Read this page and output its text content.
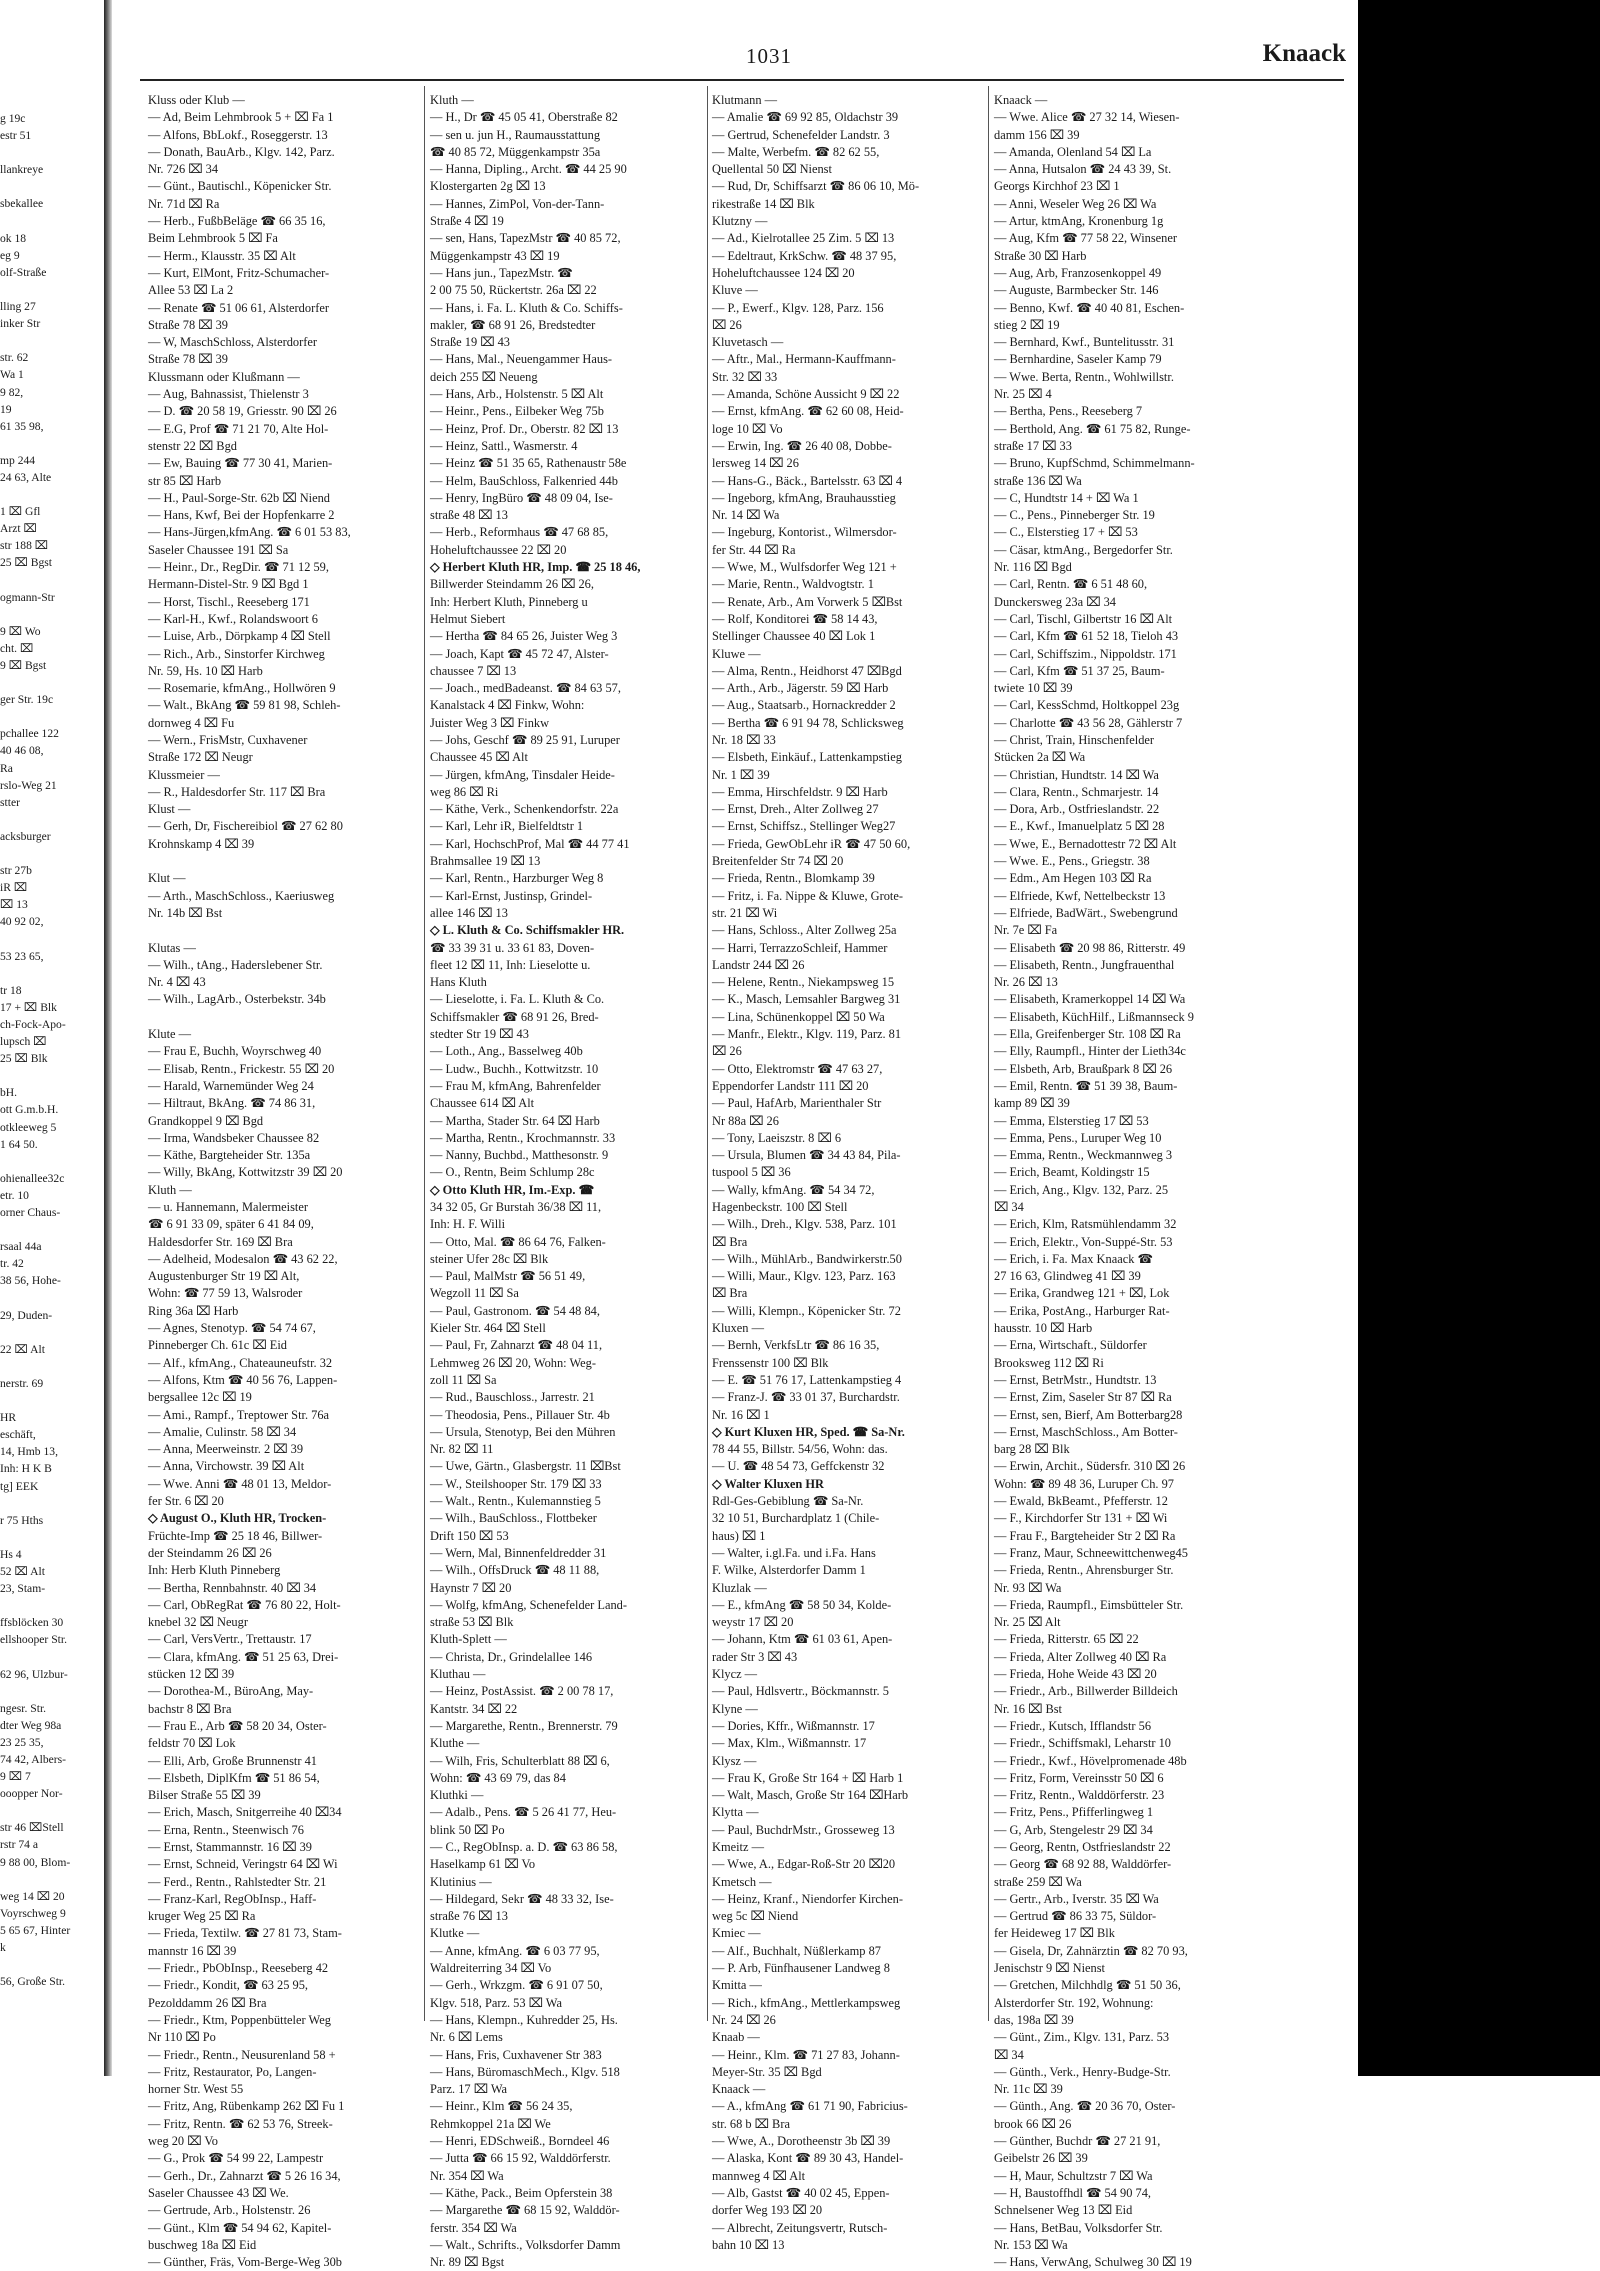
g 19c
estr 51
llankreye
sbekallee
ok 18
eg 9
olf-Straße
lling 27
inker Str
str. 62
Wa 1
9 82,
19
61 35 98,
mp 244
24 63, Alte
1 ⌧ Gfl
Arzt ⌧
str 188 ⌧
25 ⌧ Bgst
ogmann-Str
9 ⌧ Wo
cht. ⌧
9 ⌧ Bgst
ger Str. 19c
pchallee 122
40 46 08,
Ra
rslo-Weg 21
stter
acksburger
str 27b
iR ⌧
⌧ 13
40 92 02,
53 23 65,
tr 18
17 + ⌧ Blk
ch-Fock-Apo-
lupsch ⌧
25 ⌧ Blk
bH.
ott G.m.b.H.
otkleeweg 5
1 64 50.
ohienallee32c
etr. 10
orner Chaus-
rsaal 44a
tr. 42
38 56, Hohe-
29, Duden-
22 ⌧ Alt
nerstr. 69
HR
eschäft,
14, Hmb 13,
Inh: H K B
tg] EEK
r 75 Hths
Hs 4
52 ⌧ Alt
23, Stam-
ffsblöcken 30
ellshooper Str.
62 96, Ulzbur-
ngesr. Str.
dter Weg 98a
23 25 35,
74 42, Albers-
9 ⌧ 7
ooopper Nor-
str 46 ⌧Stell
rstr 74 a
9 88 00, Blom-
weg 14 ⌧ 20
Voyrschweg 9
5 65 67, Hinter
k
56, Große Str.
1031	Knaack
Kluss oder Klub —
— Ad, Beim Lehmbrook 5 + ⌧ Fa 1
— Alfons, BbLokf., Roseggerstr. 13
— Donath, BauArb., Klgv. 142, Parz.
Nr. 726 ⌧ 34
— Günt., Bautischl., Köpenicker Str.
Nr. 71d ⌧ Ra
— Herb., FußbBeläge ☎ 66 35 16,
Beim Lehmbrook 5 ⌧ Fa
— Herm., Klausstr. 35 ⌧ Alt
— Kurt, ElMont, Fritz-Schumacher-
Allee 53 ⌧ La 2
— Renate ☎ 51 06 61, Alsterdorfer
Straße 78 ⌧ 39
— W, MaschSchloss, Alsterdorfer
Straße 78 ⌧ 39
Klussmann oder Klußmann —
— Aug, Bahnassist, Thielenstr 3
— D. ☎ 20 58 19, Griesstr. 90 ⌧ 26
— E.G, Prof ☎ 71 21 70, Alte Hol-
stenstr 22 ⌧ Bgd
— Ew, Bauing ☎ 77 30 41, Marien-
str 85 ⌧ Harb
— H., Paul-Sorge-Str. 62b ⌧ Niend
— Hans, Kwf, Bei der Hopfenkarre 2
— Hans-Jürgen,kfmAng. ☎ 6 01 53 83,
Saseler Chaussee 191 ⌧ Sa
— Heinr., Dr., RegDir. ☎ 71 12 59,
Hermann-Distel-Str. 9 ⌧ Bgd 1
— Horst, Tischl., Reeseberg 171
— Karl-H., Kwf., Rolandswoort 6
— Luise, Arb., Dörpkamp 4 ⌧ Stell
— Rich., Arb., Sinstorfer Kirchweg
Nr. 59, Hs. 10 ⌧ Harb
— Rosemarie, kfmAng., Hollwören 9
— Walt., BkAng ☎ 59 81 98, Schleh-
dornweg 4 ⌧ Fu
— Wern., FrisMstr, Cuxhavener
Straße 172 ⌧ Neugr
Klussmeier —
— R., Haldesdorfer Str. 117 ⌧ Bra
Klust —
— Gerh, Dr, Fischereibiol ☎ 27 62 80
Krohnskamp 4 ⌧ 39
Klut —
— Arth., MaschSchloss., Kaeriusweg
Nr. 14b ⌧ Bst
Klutas —
— Wilh., tAng., Haderslebener Str.
Nr. 4 ⌧ 43
— Wilh., LagArb., Osterbekstr. 34b
Klute —
— Frau E, Buchh, Woyrschweg 40
— Elisab, Rentn., Frickestr. 55 ⌧ 20
— Harald, Warnemünder Weg 24
— Hiltraut, BkAng. ☎ 74 86 31,
Grandkoppel 9 ⌧ Bgd
— Irma, Wandsbeker Chaussee 82
— Käthe, Bargteheider Str. 135a
— Willy, BkAng, Kottwitzstr 39 ⌧ 20
Kluth —
— u. Hannemann, Malermeister
☎ 6 91 33 09, später 6 41 84 09,
Haldesdorfer Str. 169 ⌧ Bra
— Adelheid, Modesalon ☎ 43 62 22,
Augustenburger Str 19 ⌧ Alt,
Wohn: ☎ 77 59 13, Walsroder
Ring 36a ⌧ Harb
— Agnes, Stenotyp. ☎ 54 74 67,
Pinneberger Ch. 61c ⌧ Eid
— Alf., kfmAng., Chateauneufstr. 32
— Alfons, Ktm ☎ 40 56 76, Lappen-
bergsallee 12c ⌧ 19
— Ami., Rampf., Treptower Str. 76a
— Amalie, Culinstr. 58 ⌧ 34
— Anna, Meerweinstr. 2 ⌧ 39
— Anna, Virchowstr. 39 ⌧ Alt
— Wwe. Anni ☎ 48 01 13, Meldor-
fer Str. 6 ⌧ 20
◇ August O., Kluth HR, Trocken-
Früchte-Imp ☎ 25 18 46, Billwer-
der Steindamm 26 ⌧ 26
Inh: Herb Kluth Pinneberg
— Bertha, Rennbahnstr. 40 ⌧ 34
— Carl, ObRegRat ☎ 76 80 22, Holt-
knebel 32 ⌧ Neugr
— Carl, VersVertr., Trettaustr. 17
— Clara, kfmAng. ☎ 51 25 63, Drei-
stücken 12 ⌧ 39
— Dorothea-M., BüroAng, May-
bachstr 8 ⌧ Bra
— Frau E., Arb ☎ 58 20 34, Oster-
feldstr 70 ⌧ Lok
— Elli, Arb, Große Brunnenstr 41
— Elsbeth, DiplKfm ☎ 51 86 54,
Bilser Straße 55 ⌧ 39
— Erich, Masch, Snitgerreihe 40 ⌧34
— Erna, Rentn., Steenwisch 76
— Ernst, Stammannstr. 16 ⌧ 39
— Ernst, Schneid, Veringstr 64 ⌧ Wi
— Ferd., Rentn., Rahlstedter Str. 21
— Franz-Karl, RegObInsp., Haff-
kruger Weg 25 ⌧ Ra
— Frieda, Textilw. ☎ 27 81 73, Stam-
mannstr 16 ⌧ 39
— Friedr., PbObInsp., Reeseberg 42
— Friedr., Kondit, ☎ 63 25 95,
Pezolddamm 26 ⌧ Bra
— Friedr., Ktm, Poppenbütteler Weg
Nr 110 ⌧ Po
— Friedr., Rentn., Neusurenland 58 +
— Fritz, Restaurator, Po, Langen-
horner Str. West 55
— Fritz, Ang, Rübenkamp 262 ⌧ Fu 1
— Fritz, Rentn. ☎ 62 53 76, Streek-
weg 20 ⌧ Vo
— G., Prok ☎ 54 99 22, Lampestr
— Gerh., Dr., Zahnarzt ☎ 5 26 16 34,
Saseler Chaussee 43 ⌧ We.
— Gertrude, Arb., Holstenstr. 26
— Günt., Klm ☎ 54 94 62, Kapitel-
buschweg 18a ⌧ Eid
— Günther, Fräs, Vom-Berge-Weg 30b
Kluth —
— H., Dr ☎ 45 05 41, Oberstraße 82
— sen u. jun H., Raumausstattung
☎ 40 85 72, Müggenkampstr 35a
— Hanna, Dipling., Archt. ☎ 44 25 90
Klostergarten 2g ⌧ 13
— Hannes, ZimPol, Von-der-Tann-
Straße 4 ⌧ 19
— sen, Hans, TapezMstr ☎ 40 85 72,
Müggenkampstr 43 ⌧ 19
— Hans jun., TapezMstr. ☎
2 00 75 50, Rückertstr. 26a ⌧ 22
— Hans, i. Fa. L. Kluth & Co. Schiffs-
makler, ☎ 68 91 26, Bredstedter
Straße 19 ⌧ 43
— Hans, Mal., Neuengammer Haus-
deich 255 ⌧ Neueng
— Hans, Arb., Holstenstr. 5 ⌧ Alt
— Heinr., Pens., Eilbeker Weg 75b
— Heinz, Prof. Dr., Oberstr. 82 ⌧ 13
— Heinz, Sattl., Wasmerstr. 4
— Heinz ☎ 51 35 65, Rathenaustr 58e
— Helm, BauSchloss, Falkenried 44b
— Henry, IngBüro ☎ 48 09 04, Ise-
straße 48 ⌧ 13
— Herb., Reformhaus ☎ 47 68 85,
Hoheluftchaussee 22 ⌧ 20
◇ Herbert Kluth HR, Imp. ☎ 25 18 46,
Billwerder Steindamm 26 ⌧ 26,
Inh: Herbert Kluth, Pinneberg u
Helmut Siebert
— Hertha ☎ 84 65 26, Juister Weg 3
— Joach, Kapt ☎ 45 72 47, Alster-
chaussee 7 ⌧ 13
— Joach., medBadeanst. ☎ 84 63 57,
Kanalstack 4 ⌧ Finkw, Wohn:
Juister Weg 3 ⌧ Finkw
— Johs, Geschf ☎ 89 25 91, Luruper
Chaussee 45 ⌧ Alt
— Jürgen, kfmAng, Tinsdaler Heide-
weg 86 ⌧ Ri
— Käthe, Verk., Schenkendorfstr. 22a
— Karl, Lehr iR, Bielfeldtstr 1
— Karl, HochschProf, Mal ☎ 44 77 41
Brahmsallee 19 ⌧ 13
— Karl, Rentn., Harzburger Weg 8
— Karl-Ernst, Justinsp, Grindel-
allee 146 ⌧ 13
◇ L. Kluth & Co. Schiffsmakler HR.
☎ 33 39 31 u. 33 61 83, Doven-
fleet 12 ⌧ 11, Inh: Lieselotte u.
Hans Kluth
— Lieselotte, i. Fa. L. Kluth & Co.
Schiffsmakler ☎ 68 91 26, Bred-
stedter Str 19 ⌧ 43
— Loth., Ang., Basselweg 40b
— Ludw., Buchh., Kottwitzstr. 10
— Frau M, kfmAng, Bahrenfelder
Chaussee 614 ⌧ Alt
— Martha, Stader Str. 64 ⌧ Harb
— Martha, Rentn., Krochmannstr. 33
— Nanny, Buchbd., Matthesonstr. 9
— O., Rentn, Beim Schlump 28c
◇ Otto Kluth HR, Im.-Exp. ☎
34 32 05, Gr Burstah 36/38 ⌧ 11,
Inh: H. F. Willi
— Otto, Mal. ☎ 86 64 76, Falken-
steiner Ufer 28c ⌧ Blk
— Paul, MalMstr ☎ 56 51 49,
Wegzoll 11 ⌧ Sa
— Paul, Gastronom. ☎ 54 48 84,
Kieler Str. 464 ⌧ Stell
— Paul, Fr, Zahnarzt ☎ 48 04 11,
Lehmweg 26 ⌧ 20, Wohn: Weg-
zoll 11 ⌧ Sa
— Rud., Bauschloss., Jarrestr. 21
— Theodosia, Pens., Pillauer Str. 4b
— Ursula, Stenotyp, Bei den Mühren
Nr. 82 ⌧ 11
— Uwe, Gärtn., Glasbergstr. 11 ⌧Bst
— W., Steilshooper Str. 179 ⌧ 33
— Walt., Rentn., Kulemannstieg 5
— Wilh., BauSchloss., Flottbeker
Drift 150 ⌧ 53
— Wern, Mal, Binnenfeldredder 31
— Wilh., OffsDruck ☎ 48 11 88,
Haynstr 7 ⌧ 20
— Wolfg, kfmAng, Schenefelder Land-
straße 53 ⌧ Blk
Kluth-Splett —
— Christa, Dr., Grindelallee 146
Kluthau —
— Heinz, PostAssist. ☎ 2 00 78 17,
Kantstr. 34 ⌧ 22
— Margarethe, Rentn., Brennerstr. 79
Kluthe —
— Wilh, Fris, Schulterblatt 88 ⌧ 6,
Wohn: ☎ 43 69 79, das 84
Kluthki —
— Adalb., Pens. ☎ 5 26 41 77, Heu-
blink 50 ⌧ Po
— C., RegObInsp. a. D. ☎ 63 86 58,
Haselkamp 61 ⌧ Vo
Klutinius —
— Hildegard, Sekr ☎ 48 33 32, Ise-
straße 76 ⌧ 13
Klutke —
— Anne, kfmAng. ☎ 6 03 77 95,
Waldreiterring 34 ⌧ Vo
— Gerh., Wrkzgm. ☎ 6 91 07 50,
Klgv. 518, Parz. 53 ⌧ Wa
— Hans, Klempn., Kuhredder 25, Hs.
Nr. 6 ⌧ Lems
— Hans, Fris, Cuxhavener Str 383
— Hans, BüromaschMech., Klgv. 518
Parz. 17 ⌧ Wa
— Heinr., Klm ☎ 56 24 35,
Rehmkoppel 21a ⌧ We
— Henri, EDSchweiß., Borndeel 46
— Jutta ☎ 66 15 92, Walddörferstr.
Nr. 354 ⌧ Wa
— Käthe, Pack., Beim Opferstein 38
— Margarethe ☎ 68 15 92, Walddör-
ferstr. 354 ⌧ Wa
— Walt., Schrifts., Volksdorfer Damm
Nr. 89 ⌧ Bgst
Klutmann —
— Amalie ☎ 69 92 85, Oldachstr 39
— Gertrud, Schenefelder Landstr. 3
— Malte, Werbefm. ☎ 82 62 55,
Quellental 50 ⌧ Nienst
— Rud, Dr, Schiffsarzt ☎ 86 06 10, Mö-
rikestraße 14 ⌧ Blk
Klutzny —
— Ad., Kielrotallee 25 Zim. 5 ⌧ 13
— Edeltraut, KrkSchw. ☎ 48 37 95,
Hoheluftchaussee 124 ⌧ 20
Kluve —
— P., Ewerf., Klgv. 128, Parz. 156
⌧ 26
Kluvetasch —
— Aftr., Mal., Hermann-Kauffmann-
Str. 32 ⌧ 33
— Amanda, Schöne Aussicht 9 ⌧ 22
— Ernst, kfmAng. ☎ 62 60 08, Heid-
loge 10 ⌧ Vo
— Erwin, Ing. ☎ 26 40 08, Dobbe-
lersweg 14 ⌧ 26
— Hans-G., Bäck., Bartelsstr. 63 ⌧ 4
— Ingeborg, kfmAng, Brauhausstieg
Nr. 14 ⌧ Wa
— Ingeburg, Kontorist., Wilmersdor-
fer Str. 44 ⌧ Ra
— Wwe, M., Wulfsdorfer Weg 121 +
— Marie, Rentn., Waldvogtstr. 1
— Renate, Arb., Am Vorwerk 5 ⌧Bst
— Rolf, Konditorei ☎ 58 14 43,
Stellinger Chaussee 40 ⌧ Lok 1
Kluwe —
— Alma, Rentn., Heidhorst 47 ⌧Bgd
— Arth., Arb., Jägerstr. 59 ⌧ Harb
— Aug., Staatsarb., Hornackredder 2
— Bertha ☎ 6 91 94 78, Schlicksweg
Nr. 18 ⌧ 33
— Elsbeth, Einkäuf., Lattenkampstieg
Nr. 1 ⌧ 39
— Emma, Hirschfeldstr. 9 ⌧ Harb
— Ernst, Dreh., Alter Zollweg 27
— Ernst, Schiffsz., Stellinger Weg27
— Frieda, GewObLehr iR ☎ 47 50 60,
Breitenfelder Str 74 ⌧ 20
— Frieda, Rentn., Blomkamp 39
— Fritz, i. Fa. Nippe & Kluwe, Grote-
str. 21 ⌧ Wi
— Hans, Schloss., Alter Zollweg 25a
— Harri, TerrazzoSchleif, Hammer
Landstr 244 ⌧ 26
— Helene, Rentn., Niekampsweg 15
— K., Masch, Lemsahler Bargweg 31
— Lina, Schünenkoppel ⌧ 50 Wa
— Manfr., Elektr., Klgv. 119, Parz. 81
⌧ 26
— Otto, Elektromstr ☎ 47 63 27,
Eppendorfer Landstr 111 ⌧ 20
— Paul, HafArb, Marienthaler Str
Nr 88a ⌧ 26
— Tony, Laeiszstr. 8 ⌧ 6
— Ursula, Blumen ☎ 34 43 84, Pila-
tuspool 5 ⌧ 36
— Wally, kfmAng. ☎ 54 34 72,
Hagenbeckstr. 100 ⌧ Stell
— Wilh., Dreh., Klgv. 538, Parz. 101
⌧ Bra
— Wilh., MühlArb., Bandwirkerstr.50
— Willi, Maur., Klgv. 123, Parz. 163
⌧ Bra
— Willi, Klempn., Köpenicker Str. 72
Kluxen —
— Bernh, VerkfsLtr ☎ 86 16 35,
Frenssenstr 100 ⌧ Blk
— E. ☎ 51 76 17, Lattenkampstieg 4
— Franz-J. ☎ 33 01 37, Burchardstr.
Nr. 16 ⌧ 1
◇ Kurt Kluxen HR, Sped. ☎ Sa-Nr.
78 44 55, Billstr. 54/56, Wohn: das.
— U. ☎ 48 54 73, Geffckenstr 32
◇ Walter Kluxen HR
Rdl-Ges-Gebiblung ☎ Sa-Nr.
32 10 51, Burchardplatz 1 (Chile-
haus) ⌧ 1
— Walter, i.gl.Fa. und i.Fa. Hans
F. Wilke, Alsterdorfer Damm 1
Kluzlak —
— E., kfmAng ☎ 58 50 34, Kolde-
weystr 17 ⌧ 20
— Johann, Ktm ☎ 61 03 61, Apen-
rader Str 3 ⌧ 43
Klycz —
— Paul, Hdlsvertr., Böckmannstr. 5
Klyne —
— Dories, Kffr., Wißmannstr. 17
— Max, Klm., Wißmannstr. 17
Klysz —
— Frau K, Große Str 164 + ⌧ Harb 1
— Walt, Masch, Große Str 164 ⌧Harb
Klytta —
— Paul, BuchdrMstr., Grosseweg 13
Kmeitz —
— Wwe, A., Edgar-Roß-Str 20 ⌧20
Kmetsch —
— Heinz, Kranf., Niendorfer Kirchen-
weg 5c ⌧ Niend
Kmiec —
— Alf., Buchhalt, Nüßlerkamp 87
— P. Arb, Fünfhausener Landweg 8
Kmitta —
— Rich., kfmAng., Mettlerkampsweg
Nr. 24 ⌧ 26
Knaab —
— Heinr., Klm. ☎ 71 27 83, Johann-
Meyer-Str. 35 ⌧ Bgd
Knaack —
— A., kfmAng ☎ 61 71 90, Fabricius-
str. 68 b ⌧ Bra
— Wwe, A., Dorotheenstr 3b ⌧ 39
— Alaska, Kont ☎ 89 30 43, Handel-
mannweg 4 ⌧ Alt
— Alb, Gastst ☎ 40 02 45, Eppen-
dorfer Weg 193 ⌧ 20
— Albrecht, Zeitungsvertr, Rutsch-
bahn 10 ⌧ 13
Knaack —
— Wwe. Alice ☎ 27 32 14, Wiesen-
damm 156 ⌧ 39
— Amanda, Olenland 54 ⌧ La
— Anna, Hutsalon ☎ 24 43 39, St.
Georgs Kirchhof 23 ⌧ 1
— Anni, Weseler Weg 26 ⌧ Wa
— Artur, ktmAng, Kronenburg 1g
— Aug, Kfm ☎ 77 58 22, Winsener
Straße 30 ⌧ Harb
— Aug, Arb, Franzosenkoppel 49
— Auguste, Barmbecker Str. 146
— Benno, Kwf. ☎ 40 40 81, Eschen-
stieg 2 ⌧ 19
— Bernhard, Kwf., Buntelitusstr. 31
— Bernhardine, Saseler Kamp 79
— Wwe. Berta, Rentn., Wohlwillstr.
Nr. 25 ⌧ 4
— Bertha, Pens., Reeseberg 7
— Berthold, Ang. ☎ 61 75 82, Runge-
straße 17 ⌧ 33
— Bruno, KupfSchmd, Schimmelmann-
straße 136 ⌧ Wa
— C, Hundtstr 14 + ⌧ Wa 1
— C., Pens., Pinneberger Str. 19
— C., Elsterstieg 17 + ⌧ 53
— Cäsar, ktmAng., Bergedorfer Str.
Nr. 116 ⌧ Bgd
— Carl, Rentn. ☎ 6 51 48 60,
Dunckersweg 23a ⌧ 34
— Carl, Tischl, Gilbertstr 16 ⌧ Alt
— Carl, Kfm ☎ 61 52 18, Tieloh 43
— Carl, Schiffszim., Nippoldstr. 171
— Carl, Kfm ☎ 51 37 25, Baum-
twiete 10 ⌧ 39
— Carl, KessSchmd, Holtkoppel 23g
— Charlotte ☎ 43 56 28, Gählerstr 7
— Christ, Train, Hinschenfelder
Stücken 2a ⌧ Wa
— Christian, Hundtstr. 14 ⌧ Wa
— Clara, Rentn., Schmarjestr. 14
— Dora, Arb., Ostfrieslandstr. 22
— E., Kwf., Imanuelplatz 5 ⌧ 28
— Wwe, E., Bernadottestr 72 ⌧ Alt
— Wwe. E., Pens., Griegstr. 38
— Edm., Am Hegen 103 ⌧ Ra
— Elfriede, Kwf, Nettelbeckstr 13
— Elfriede, BadWärt., Swebengrund
Nr. 7e ⌧ Fa
— Elisabeth ☎ 20 98 86, Ritterstr. 49
— Elisabeth, Rentn., Jungfrauenthal
Nr. 26 ⌧ 13
— Elisabeth, Kramerkoppel 14 ⌧ Wa
— Elisabeth, KüchHilf., Lißmannseck 9
— Ella, Greifenberger Str. 108 ⌧ Ra
— Elly, Raumpfl., Hinter der Lieth34c
— Elsbeth, Arb, Braußpark 8 ⌧ 26
— Emil, Rentn. ☎ 51 39 38, Baum-
kamp 89 ⌧ 39
— Emma, Elsterstieg 17 ⌧ 53
— Emma, Pens., Luruper Weg 10
— Emma, Rentn., Weckmannweg 3
— Erich, Beamt, Koldingstr 15
— Erich, Ang., Klgv. 132, Parz. 25
⌧ 34
— Erich, Klm, Ratsmühlendamm 32
— Erich, Elektr., Von-Suppé-Str. 53
— Erich, i. Fa. Max Knaack ☎
27 16 63, Glindweg 41 ⌧ 39
— Erika, Grandweg 121 + ⌧, Lok
— Erika, PostAng., Harburger Rat-
hausstr. 10 ⌧ Harb
— Erna, Wirtschaft., Süldorfer
Brooksweg 112 ⌧ Ri
— Ernst, BetrMstr., Hundtstr. 13
— Ernst, Zim, Saseler Str 87 ⌧ Ra
— Ernst, sen, Bierf, Am Botterbarg28
— Ernst, MaschSchloss., Am Botter-
barg 28 ⌧ Blk
— Erwin, Archit., Südersfr. 310 ⌧ 26
Wohn: ☎ 89 48 36, Luruper Ch. 97
— Ewald, BkBeamt., Pfefferstr. 12
— F., Kirchdorfer Str 131 + ⌧ Wi
— Frau F., Bargteheider Str 2 ⌧ Ra
— Franz, Maur, Schneewittchenweg45
— Frieda, Rentn., Ahrensburger Str.
Nr. 93 ⌧ Wa
— Frieda, Raumpfl., Eimsbütteler Str.
Nr. 25 ⌧ Alt
— Frieda, Ritterstr. 65 ⌧ 22
— Frieda, Alter Zollweg 40 ⌧ Ra
— Frieda, Hohe Weide 43 ⌧ 20
— Friedr., Arb., Billwerder Billdeich
Nr. 16 ⌧ Bst
— Friedr., Kutsch, Ifflandstr 56
— Friedr., Schiffsmakl, Leharstr 10
— Friedr., Kwf., Hövelpromenade 48b
— Fritz, Form, Vereinsstr 50 ⌧ 6
— Fritz, Rentn., Walddörferstr. 23
— Fritz, Pens., Pfifferlingweg 1
— G, Arb, Stengelestr 29 ⌧ 34
— Georg, Rentn, Ostfrieslandstr 22
— Georg ☎ 68 92 88, Walddörfer-
straße 259 ⌧ Wa
— Gertr., Arb., Iverstr. 35 ⌧ Wa
— Gertrud ☎ 86 33 75, Süldor-
fer Heideweg 17 ⌧ Blk
— Gisela, Dr, Zahnärztin ☎ 82 70 93,
Jenischstr 9 ⌧ Nienst
— Gretchen, Milchhdlg ☎ 51 50 36,
Alsterdorfer Str. 192, Wohnung:
das, 198a ⌧ 39
— Günt., Zim., Klgv. 131, Parz. 53
⌧ 34
— Günth., Verk., Henry-Budge-Str.
Nr. 11c ⌧ 39
— Günth., Ang. ☎ 20 36 70, Oster-
brook 66 ⌧ 26
— Günther, Buchdr ☎ 27 21 91,
Geibelstr 26 ⌧ 39
— H, Maur, Schultzstr 7 ⌧ Wa
— H, Baustoffhdl ☎ 54 90 74,
Schnelsener Weg 13 ⌧ Eid
— Hans, BetBau, Volksdorfer Str.
Nr. 153 ⌧ Wa
— Hans, VerwAng, Schulweg 30 ⌧ 19
